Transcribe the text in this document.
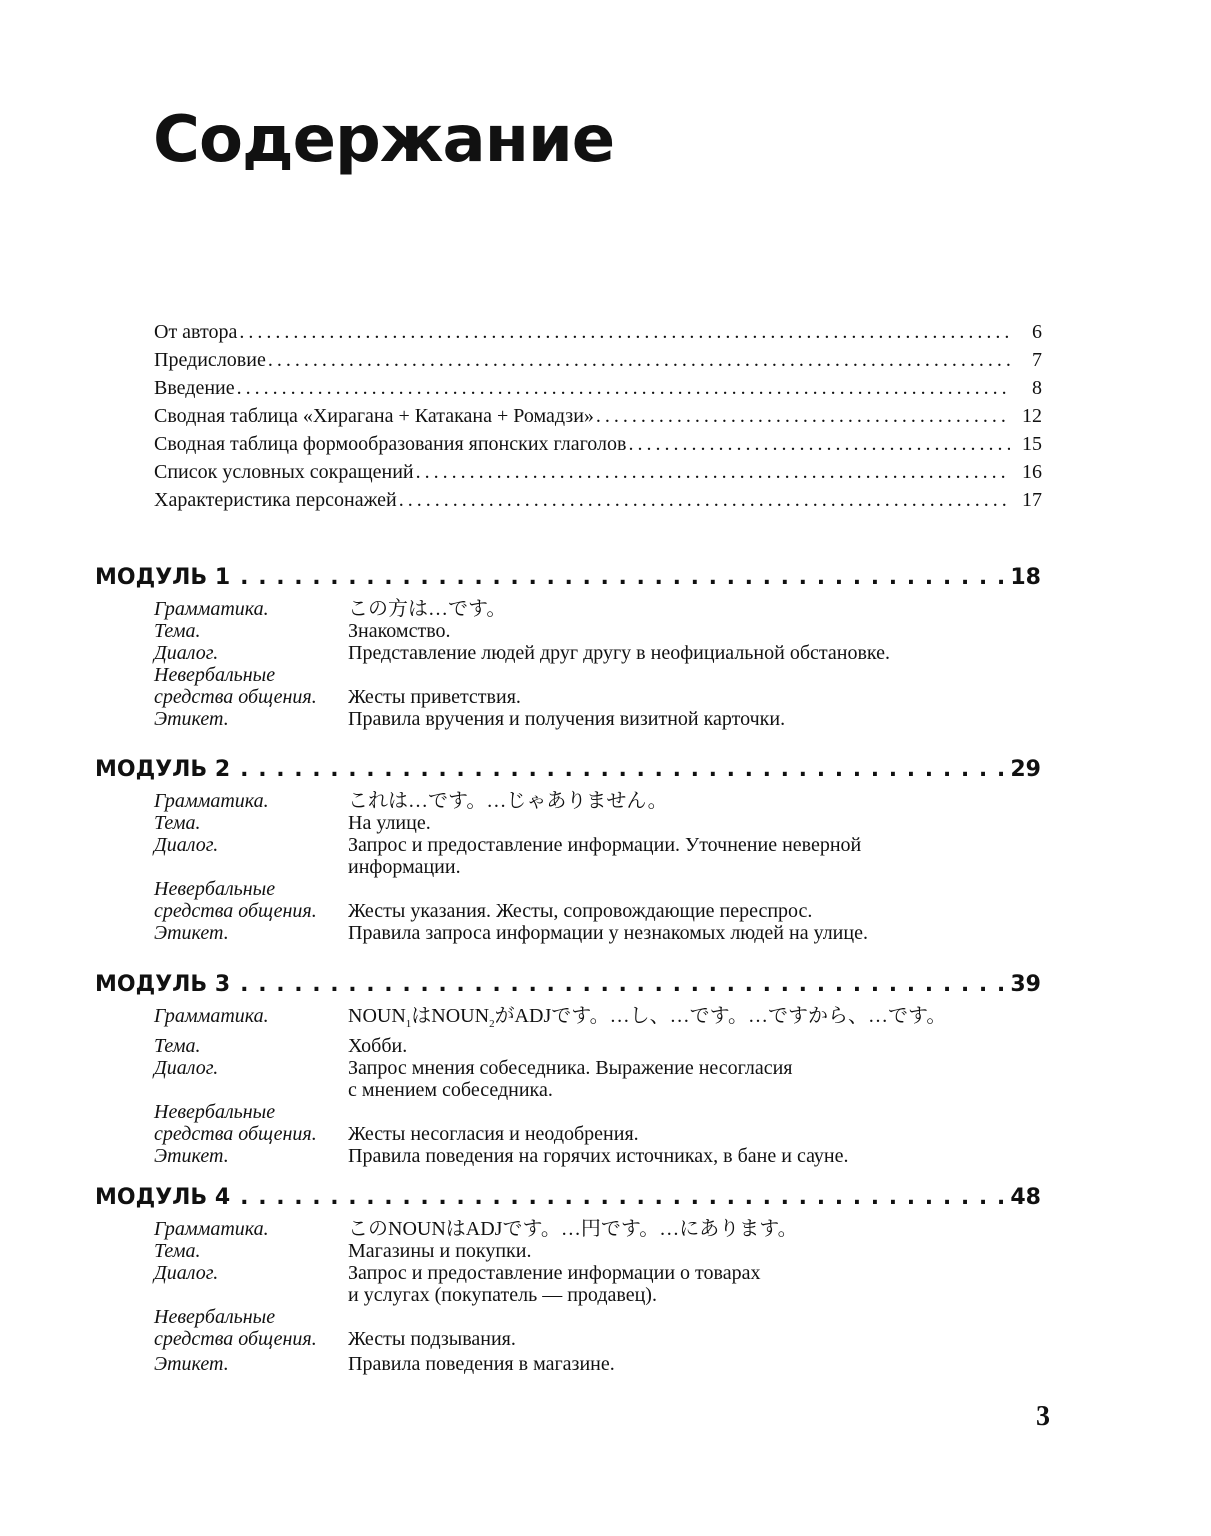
Содержание
От автора . . .	6
Предисловие . . .	7
Введение . . .	8
Сводная таблица «Хирагана + Катакана + Ромадзи» . . .	12
Сводная таблица формообразования японских глаголов . . .	15
Список условных сокращений . . .	16
Характеристика персонажей . . .	17
МОДУЛЬ 1 . . .	18
Грамматика.	この方は…です。
Тема.	Знакомство.
Диалог.	Представление людей друг другу в неофициальной обстановке.
Невербальные
средства общения.	Жесты приветствия.
Этикет.	Правила вручения и получения визитной карточки.
МОДУЛЬ 2 . . .	29
Грамматика.	これは…です。…じゃありません。
Тема.	На улице.
Диалог.	Запрос и предоставление информации. Уточнение неверной
информации.
Невербальные
средства общения.	Жесты указания. Жесты, сопровождающие переспрос.
Этикет.	Правила запроса информации у незнакомых людей на улице.
МОДУЛЬ 3 . . .	39
Грамматика.	$NOUN_1$は$NOUN_2$がADJです。…し、…です。…ですから、…です。
Тема.	Хобби.
Диалог.	Запрос мнения собеседника. Выражение несогласия
с мнением собеседника.
Невербальные
средства общения.	Жесты несогласия и неодобрения.
Этикет.	Правила поведения на горячих источниках, в бане и сауне.
МОДУЛЬ 4 . . .	48
Грамматика.	このNOUNはADJです。…円です。…にあります。
Тема.	Магазины и покупки.
Диалог.	Запрос и предоставление информации о товарах
и услугах (покупатель — продавец).
Невербальные
средства общения.	Жесты подзывания.
Этикет.	Правила поведения в магазине.
3
